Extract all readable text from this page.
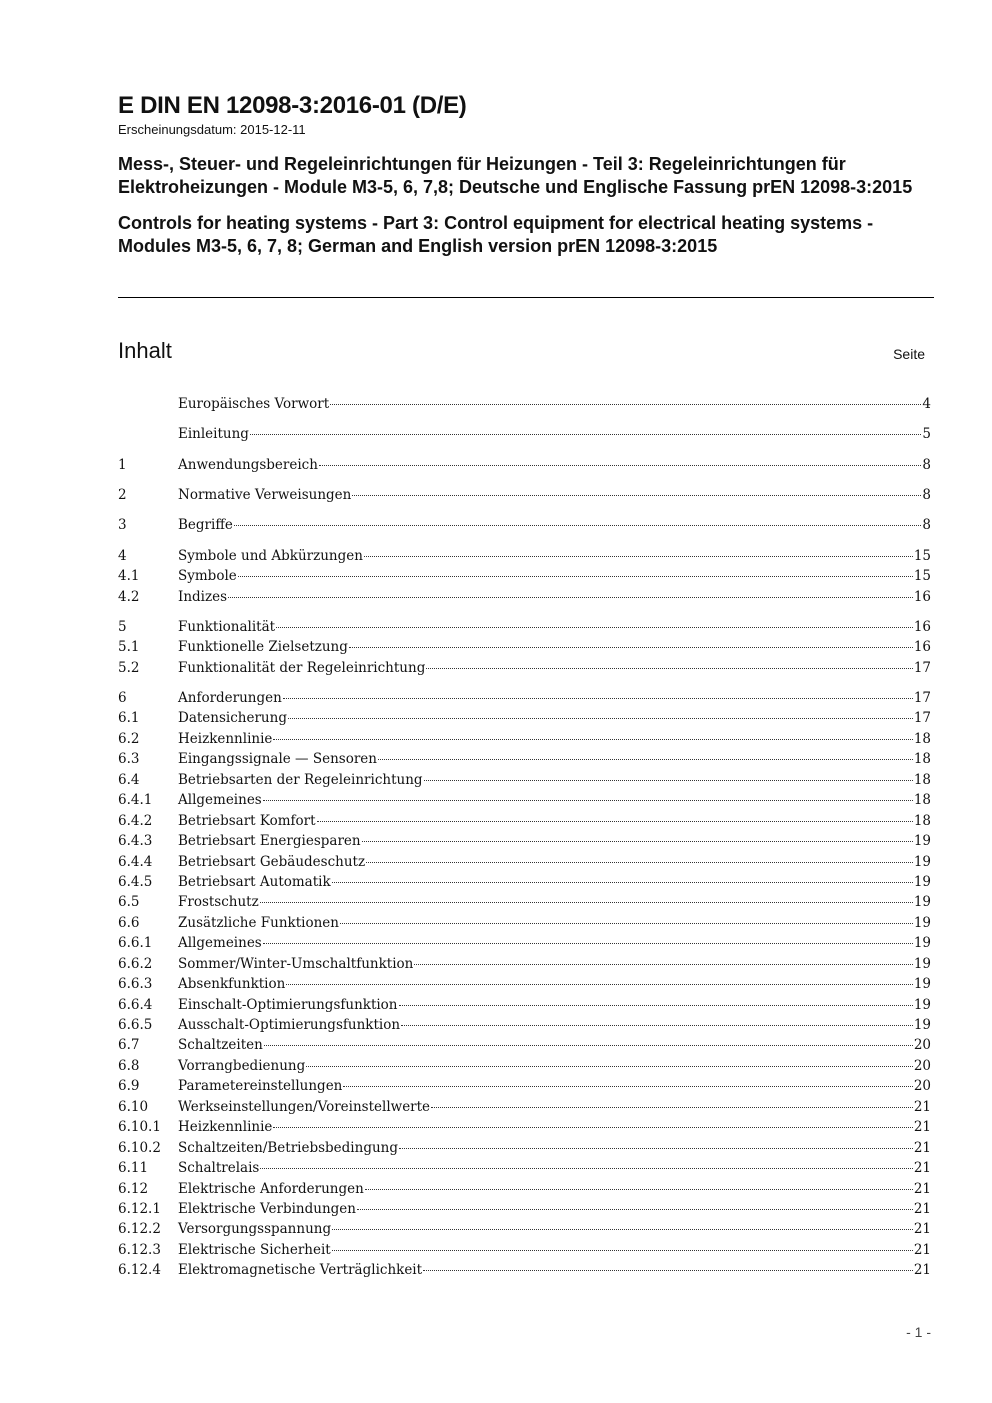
E DIN EN 12098-3:2016-01 (D/E)
Erscheinungsdatum: 2015-12-11
Mess-, Steuer- und Regeleinrichtungen für Heizungen - Teil 3: Regeleinrichtungen für Elektroheizungen - Module M3-5, 6, 7,8; Deutsche und Englische Fassung prEN 12098-3:2015
Controls for heating systems - Part 3: Control equipment for electrical heating systems - Modules M3-5, 6, 7, 8; German and English version prEN 12098-3:2015
Inhalt	Seite
Europäisches Vorwort	4
Einleitung	5
1	Anwendungsbereich	8
2	Normative Verweisungen	8
3	Begriffe	8
4	Symbole und Abkürzungen	15
4.1	Symbole	15
4.2	Indizes	16
5	Funktionalität	16
5.1	Funktionelle Zielsetzung	16
5.2	Funktionalität der Regeleinrichtung	17
6	Anforderungen	17
6.1	Datensicherung	17
6.2	Heizkennlinie	18
6.3	Eingangssignale — Sensoren	18
6.4	Betriebsarten der Regeleinrichtung	18
6.4.1	Allgemeines	18
6.4.2	Betriebsart Komfort	18
6.4.3	Betriebsart Energiesparen	19
6.4.4	Betriebsart Gebäudeschutz	19
6.4.5	Betriebsart Automatik	19
6.5	Frostschutz	19
6.6	Zusätzliche Funktionen	19
6.6.1	Allgemeines	19
6.6.2	Sommer/Winter-Umschaltfunktion	19
6.6.3	Absenkfunktion	19
6.6.4	Einschalt-Optimierungsfunktion	19
6.6.5	Ausschalt-Optimierungsfunktion	19
6.7	Schaltzeiten	20
6.8	Vorrangbedienung	20
6.9	Parametereinstellungen	20
6.10	Werkseinstellungen/Voreinstellwerte	21
6.10.1	Heizkennlinie	21
6.10.2	Schaltzeiten/Betriebsbedingung	21
6.11	Schaltrelais	21
6.12	Elektrische Anforderungen	21
6.12.1	Elektrische Verbindungen	21
6.12.2	Versorgungsspannung	21
6.12.3	Elektrische Sicherheit	21
6.12.4	Elektromagnetische Verträglichkeit	21
- 1 -
